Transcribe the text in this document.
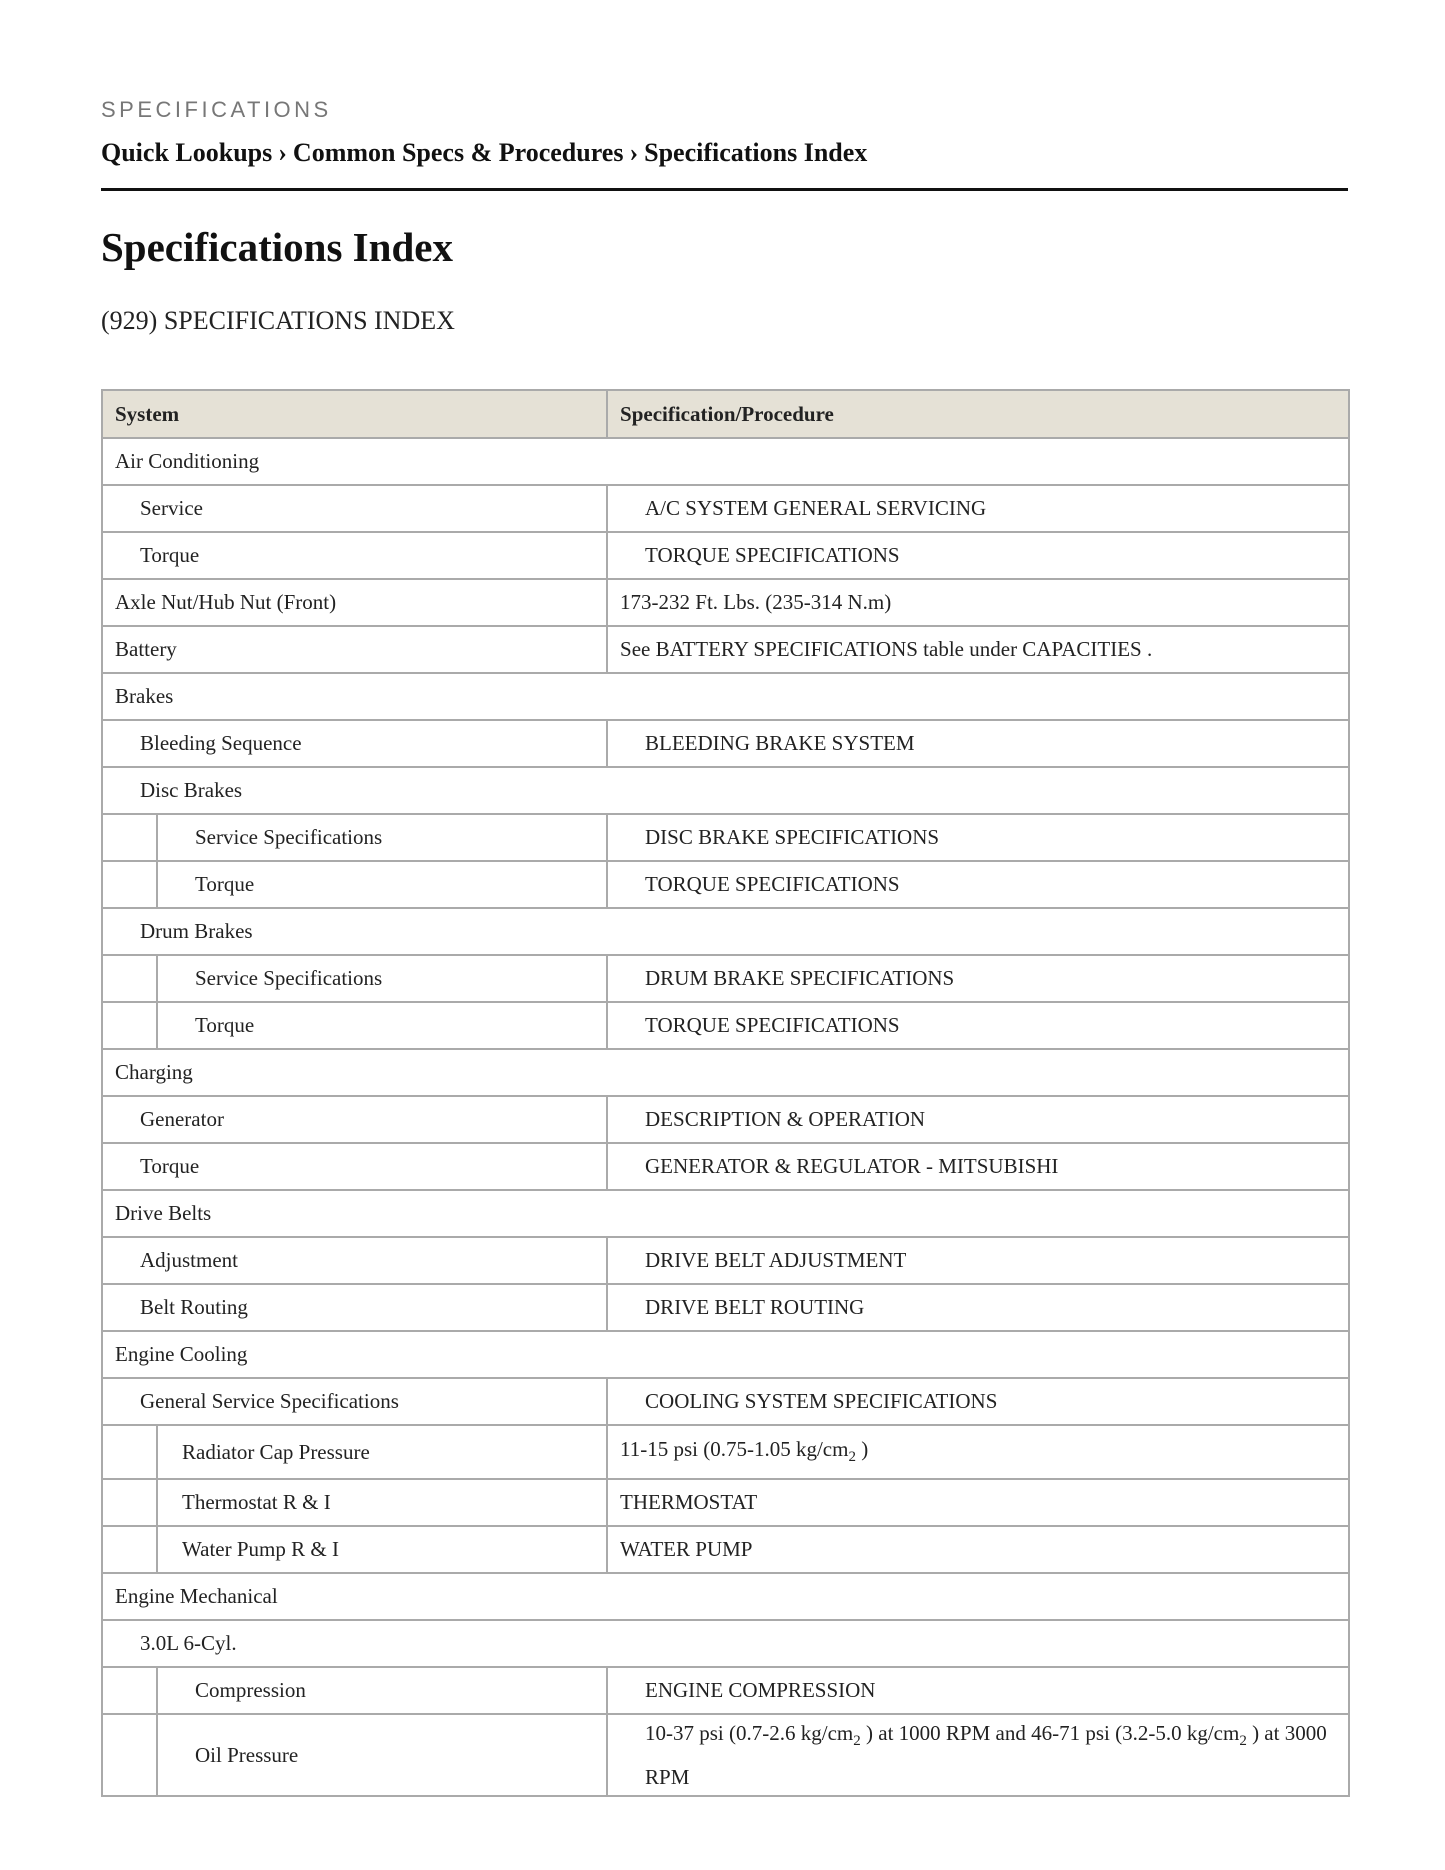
SPECIFICATIONS
Quick Lookups › Common Specs & Procedures › Specifications Index
Specifications Index
(929) SPECIFICATIONS INDEX
System		Specification/Procedure
Air Conditioning		
Service		A/C SYSTEM GENERAL SERVICING
Torque		TORQUE SPECIFICATIONS
Axle Nut/Hub Nut (Front)		173-232 Ft. Lbs. (235-314 N.m)
Battery		See BATTERY SPECIFICATIONS table under CAPACITIES .
Brakes		
Bleeding Sequence		BLEEDING BRAKE SYSTEM
Disc Brakes		
	Service Specifications	DISC BRAKE SPECIFICATIONS
	Torque	TORQUE SPECIFICATIONS
Drum Brakes		
	Service Specifications	DRUM BRAKE SPECIFICATIONS
	Torque	TORQUE SPECIFICATIONS
Charging		
Generator		DESCRIPTION & OPERATION
Torque		GENERATOR & REGULATOR - MITSUBISHI
Drive Belts		
Adjustment		DRIVE BELT ADJUSTMENT
Belt Routing		DRIVE BELT ROUTING
Engine Cooling		
General Service Specifications		COOLING SYSTEM SPECIFICATIONS
	Radiator Cap Pressure	11-15 psi (0.75-1.05 $kg/cm_2$ )
	Thermostat R & I	THERMOSTAT
	Water Pump R & I	WATER PUMP
Engine Mechanical		
3.0L 6-Cyl.		
	Compression	ENGINE COMPRESSION
	Oil Pressure	10-37 psi (0.7-2.6 $kg/cm_2$ ) at 1000 RPM and 46-71 psi (3.2-5.0 $kg/cm_2$ ) at 3000 RPM
